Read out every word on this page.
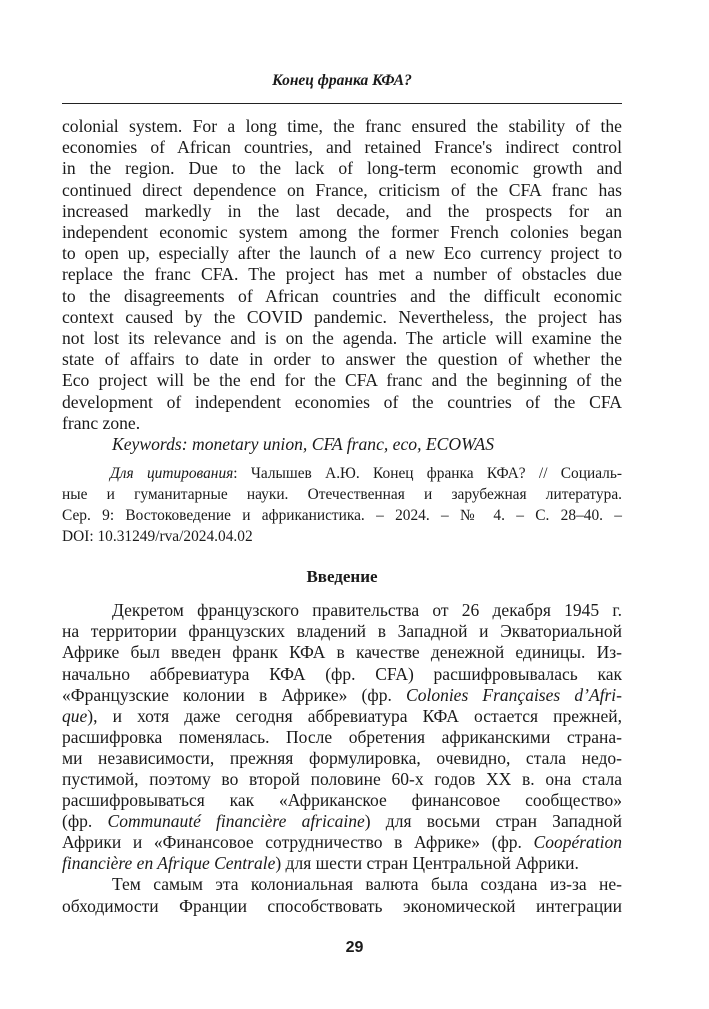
Конец франка КФА?
colonial system. For a long time, the franc ensured the stability of the
economies of African countries, and retained France's indirect control
in the region. Due to the lack of long-term economic growth and
continued direct dependence on France, criticism of the CFA franc has
increased markedly in the last decade, and the prospects for an
independent economic system among the former French colonies began
to open up, especially after the launch of a new Eco currency project to
replace the franc CFA. The project has met a number of obstacles due
to the disagreements of African countries and the difficult economic
context caused by the COVID pandemic. Nevertheless, the project has
not lost its relevance and is on the agenda. The article will examine the
state of affairs to date in order to answer the question of whether the
Eco project will be the end for the CFA franc and the beginning of the
development of independent economies of the countries of the CFA
franc zone.
Keywords: monetary union, CFA franc, eco, ECOWAS
Для цитирования: Чалышев А.Ю. Конец франка КФА? // Социаль-
ные и гуманитарные науки. Отечественная и зарубежная литература.
Сер. 9: Востоковедение и африканистика. – 2024. – № 4. – С. 28–40. –
DOI: 10.31249/rva/2024.04.02
Введение
Декретом французского правительства от 26 декабря 1945 г.
на территории французских владений в Западной и Экваториальной
Африке был введен франк КФА в качестве денежной единицы. Из-
начально аббревиатура КФА (фр. CFA) расшифровывалась как
«Французские колонии в Африке» (фр. Colonies Françaises d’Afri-
que), и хотя даже сегодня аббревиатура КФА остается прежней,
расшифровка поменялась. После обретения африканскими страна-
ми независимости, прежняя формулировка, очевидно, стала недо-
пустимой, поэтому во второй половине 60-х годов XX в. она стала
расшифровываться как «Африканское финансовое сообщество»
(фр. Communauté financière africaine) для восьми стран Западной
Африки и «Финансовое сотрудничество в Африке» (фр. Coopération
financière en Afrique Centrale) для шести стран Центральной Африки.
Тем самым эта колониальная валюта была создана из-за не-
обходимости Франции способствовать экономической интеграции
29
